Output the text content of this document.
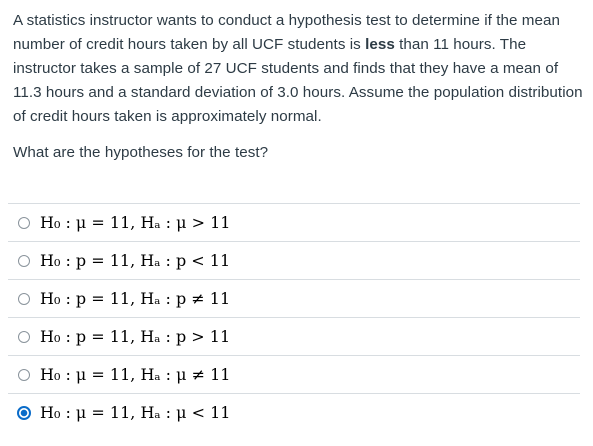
A statistics instructor wants to conduct a hypothesis test to determine if the mean number of credit hours taken by all UCF students is less than 11 hours. The instructor takes a sample of 27 UCF students and finds that they have a mean of 11.3 hours and a standard deviation of 3.0 hours. Assume the population distribution of credit hours taken is approximately normal.

What are the hypotheses for the test?

H₀ : μ = 11, Hₐ : μ > 11
H₀ : p = 11, Hₐ : p < 11
H₀ : p = 11, Hₐ : p ≠ 11
H₀ : p = 11, Hₐ : p > 11
H₀ : μ = 11, Hₐ : μ ≠ 11
H₀ : μ = 11, Hₐ : μ < 11
